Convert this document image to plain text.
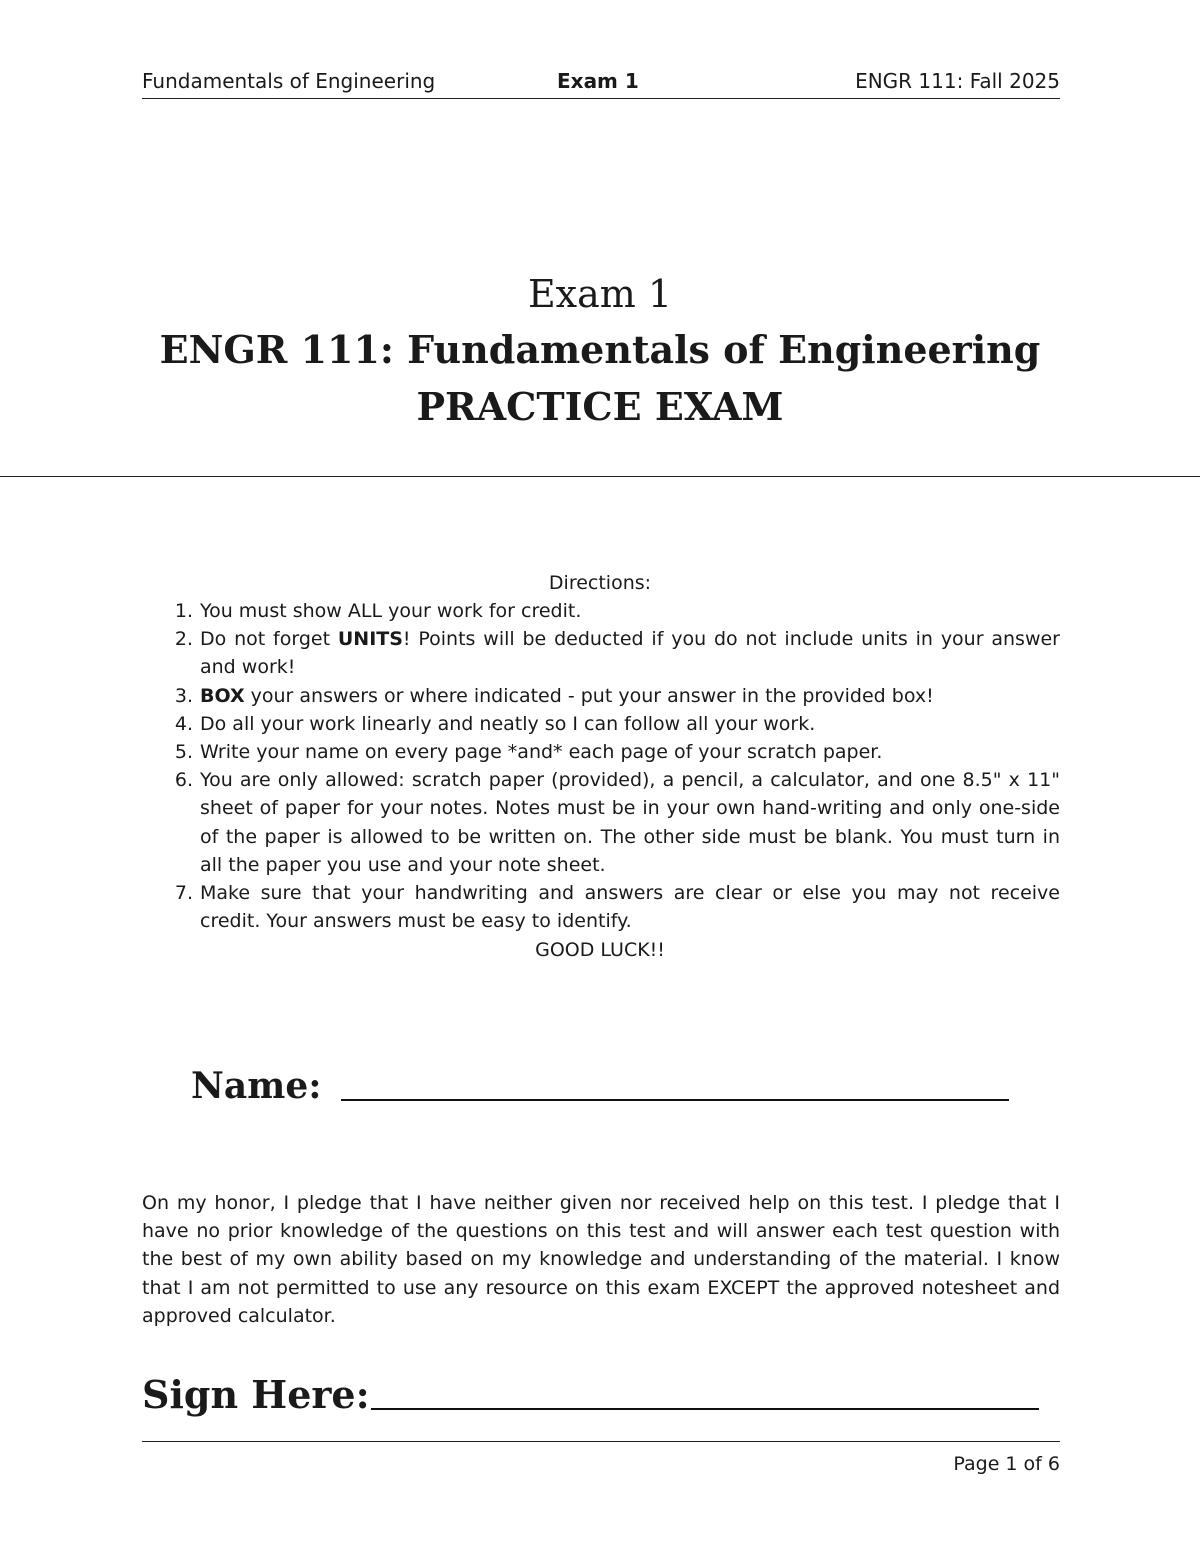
Fundamentals of Engineering	Exam 1	ENGR 111: Fall 2025
Exam 1
ENGR 111: Fundamentals of Engineering
PRACTICE EXAM
Directions:
1. You must show ALL your work for credit.
2. Do not forget UNITS! Points will be deducted if you do not include units in your answer and work!
3. BOX your answers or where indicated - put your answer in the provided box!
4. Do all your work linearly and neatly so I can follow all your work.
5. Write your name on every page *and* each page of your scratch paper.
6. You are only allowed: scratch paper (provided), a pencil, a calculator, and one 8.5" x 11" sheet of paper for your notes. Notes must be in your own hand-writing and only one-side of the paper is allowed to be written on. The other side must be blank. You must turn in all the paper you use and your note sheet.
7. Make sure that your handwriting and answers are clear or else you may not receive credit. Your answers must be easy to identify.
GOOD LUCK!!
Name:
On my honor, I pledge that I have neither given nor received help on this test. I pledge that I have no prior knowledge of the questions on this test and will answer each test question with the best of my own ability based on my knowledge and understanding of the material. I know that I am not permitted to use any resource on this exam EXCEPT the approved notesheet and approved calculator.
Sign Here:
Page 1 of 6
